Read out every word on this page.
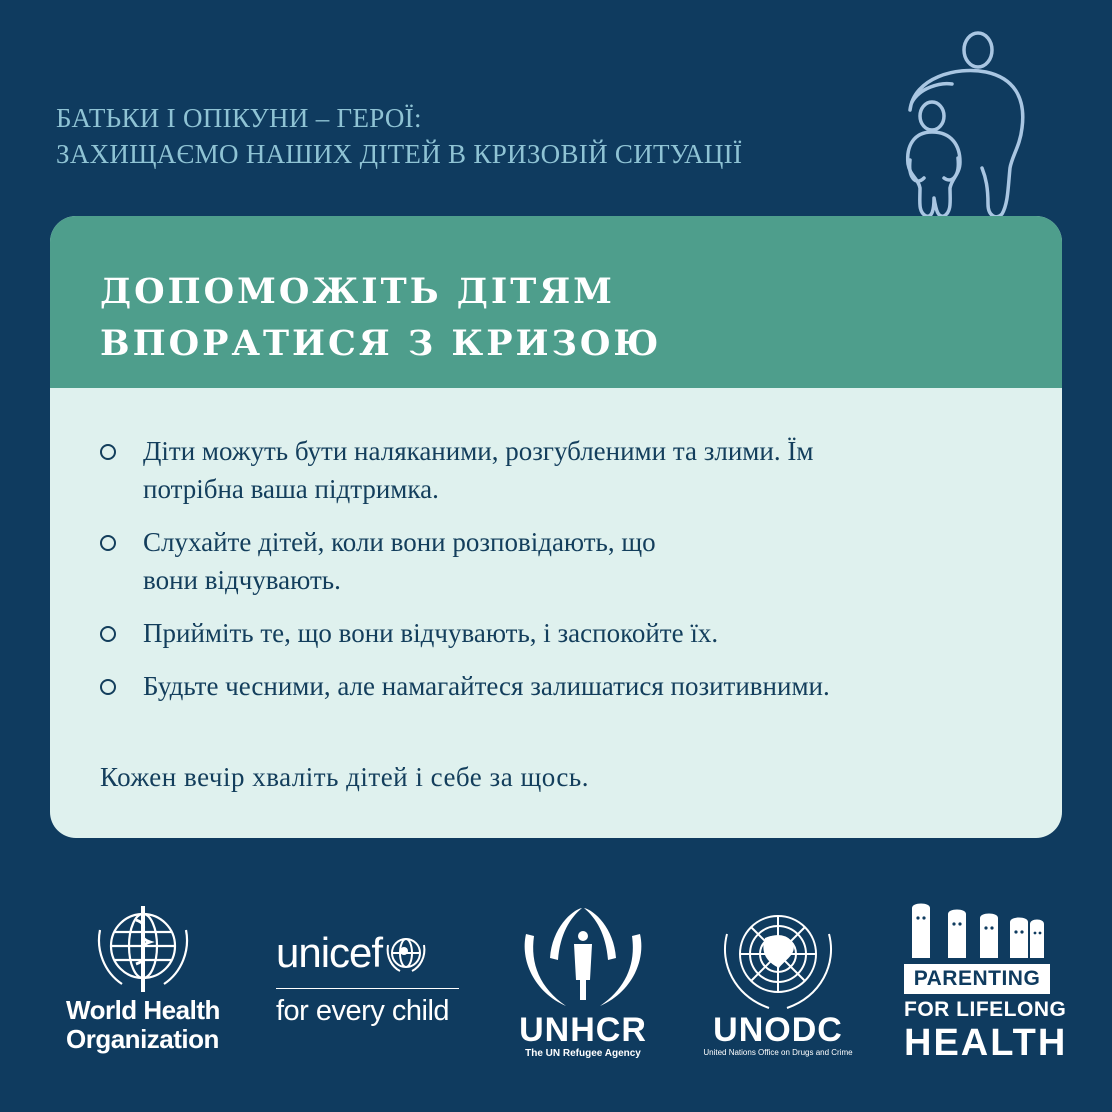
БАТЬКИ І ОПІКУНИ – ГЕРОЇ:
ЗАХИЩАЄМО НАШИХ ДІТЕЙ В КРИЗОВІЙ СИТУАЦІЇ
ДОПОМОЖІТЬ ДІТЯМ
ВПОРАТИСЯ З КРИЗОЮ
Діти можуть бути наляканими, розгубленими та злими. Їм
потрібна ваша підтримка.
Слухайте дітей, коли вони розповідають, що
вони відчувають.
Прийміть те, що вони відчувають, і заспокойте їх.
Будьте чесними, але намагайтеся залишатися позитивними.
Кожен вечір хваліть дітей і себе за щось.
World Health
Organization
unicef
for every child	UNHCR
The UN Refugee Agency
UNODC
United Nations Office on Drugs and Crime
PARENTING
FOR LIFELONG
HEALTH
